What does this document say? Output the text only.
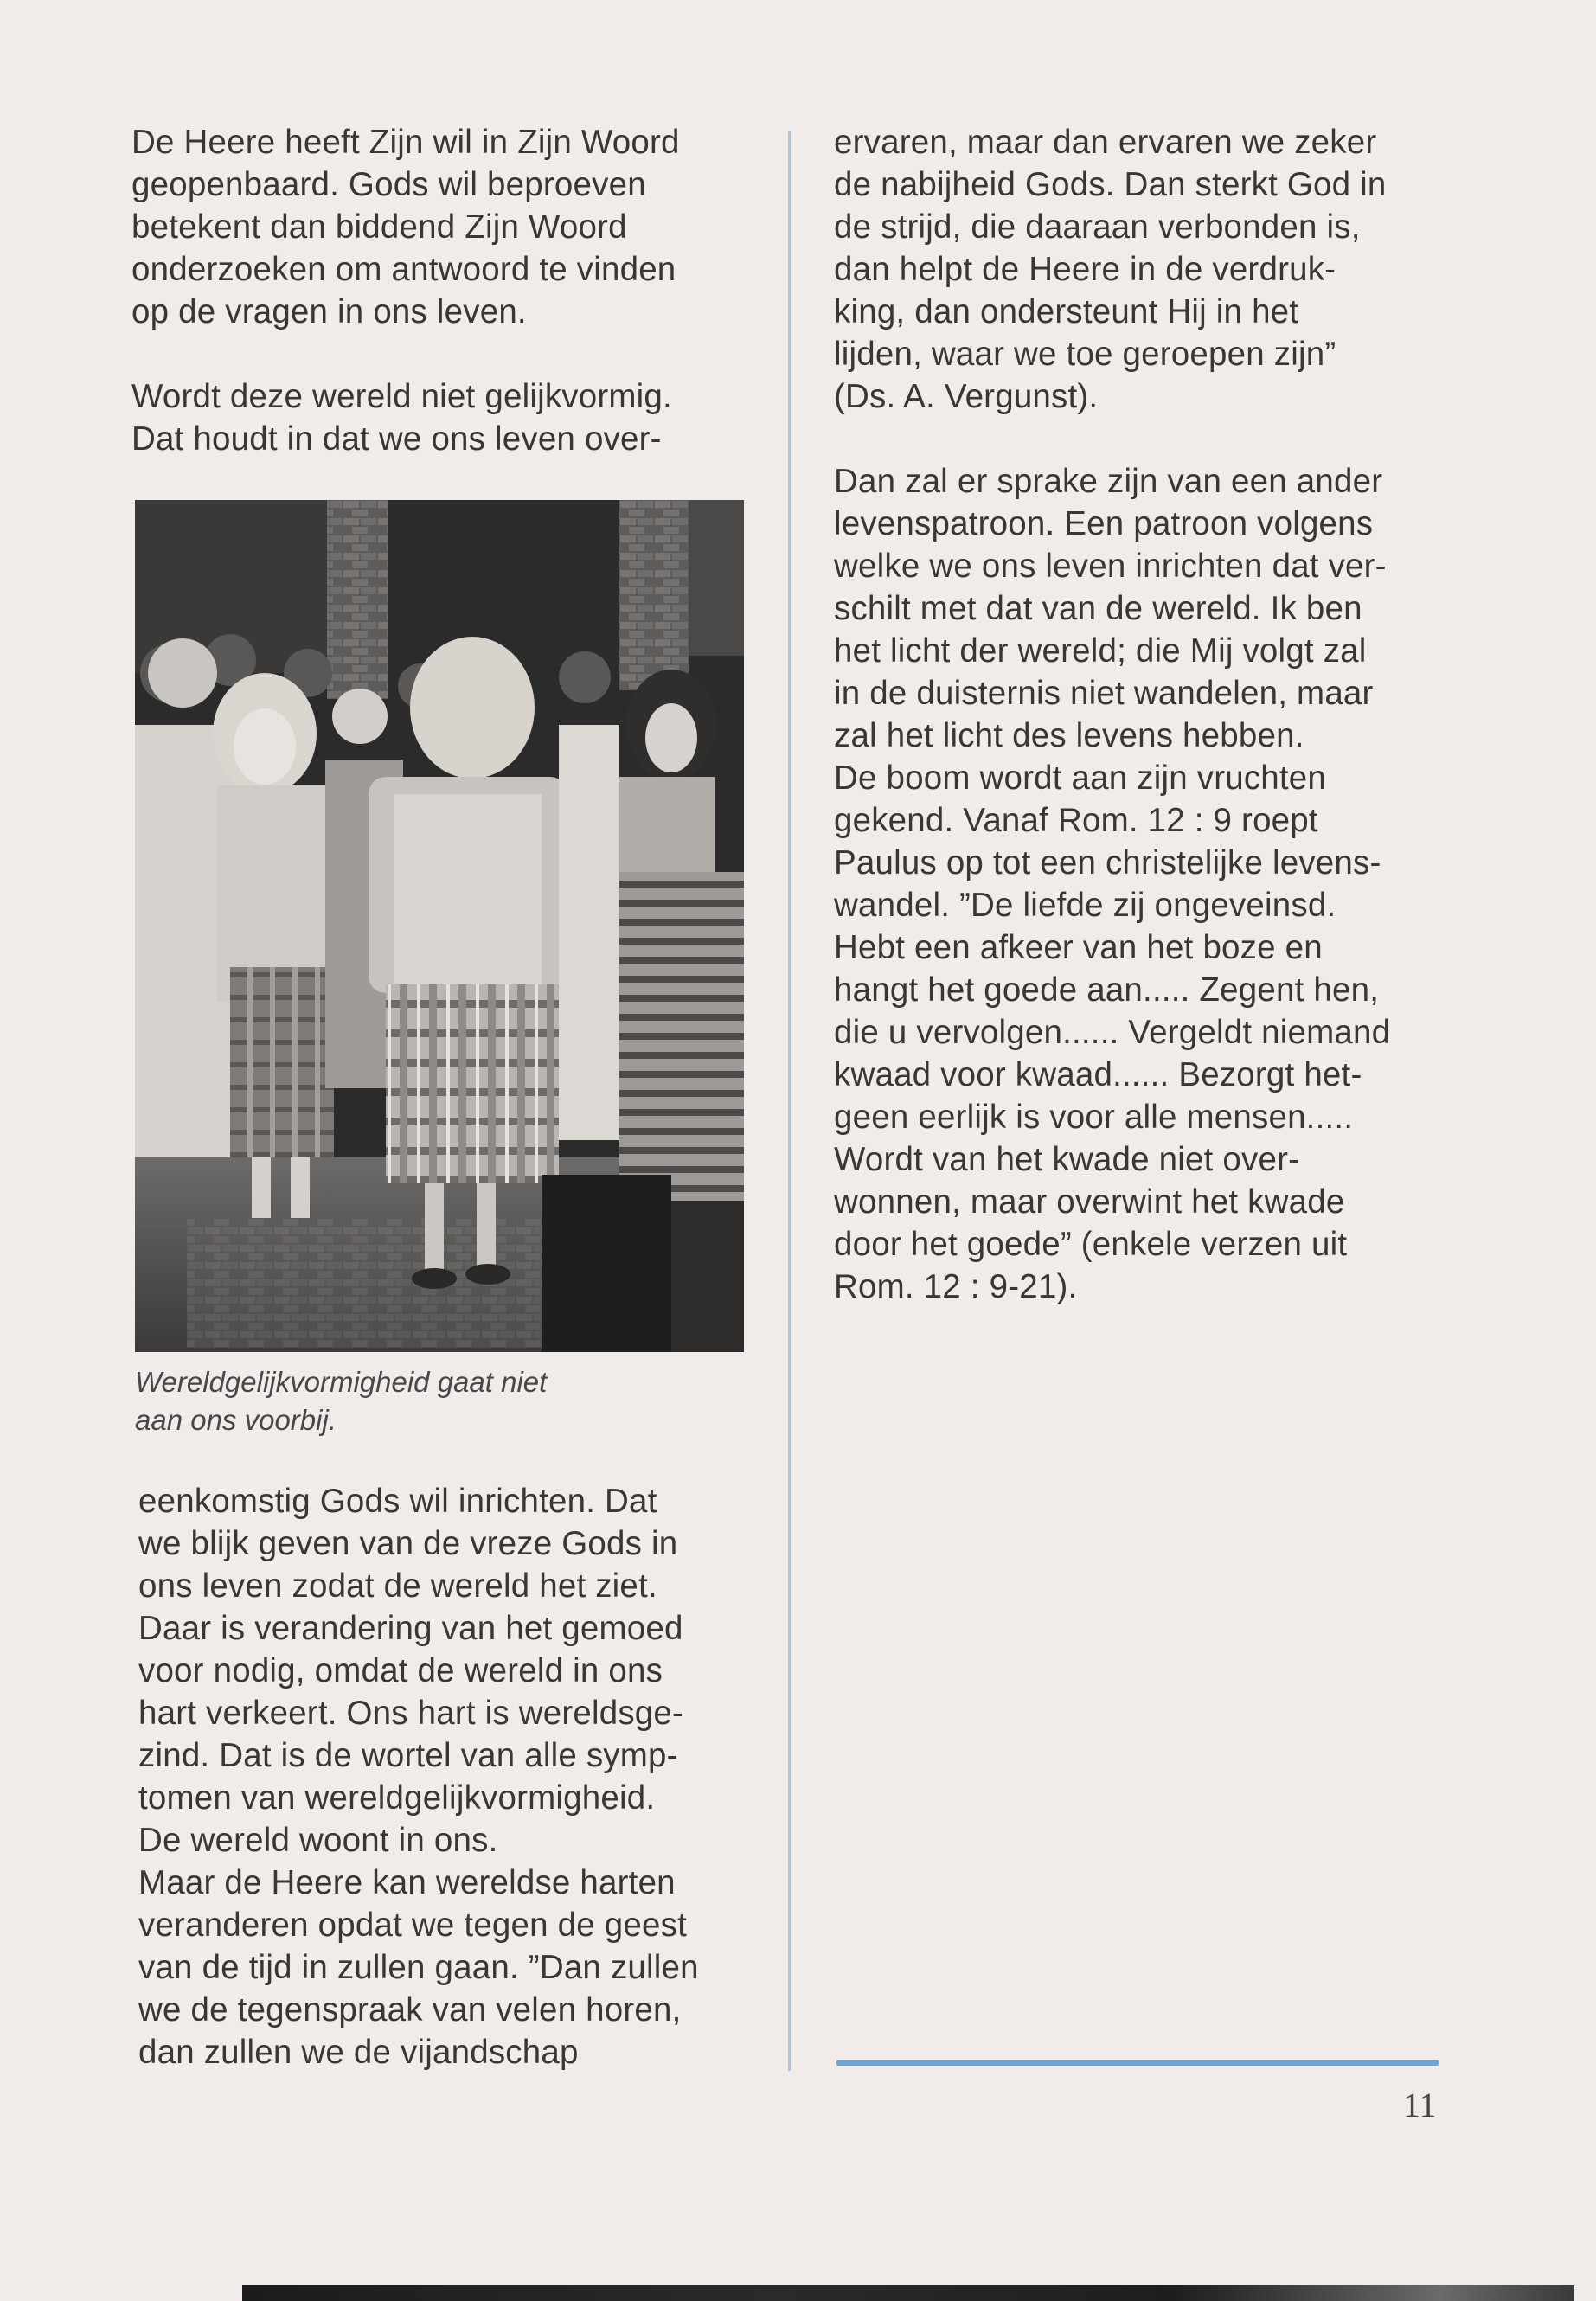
De Heere heeft Zijn wil in Zijn Woord
geopenbaard. Gods wil beproeven
betekent dan biddend Zijn Woord
onderzoeken om antwoord te vinden
op de vragen in ons leven.

Wordt deze wereld niet gelijkvormig.
Dat houdt in dat we ons leven over-
Wereldgelijkvormigheid gaat niet
aan ons voorbij.
eenkomstig Gods wil inrichten. Dat
we blijk geven van de vreze Gods in
ons leven zodat de wereld het ziet.
Daar is verandering van het gemoed
voor nodig, omdat de wereld in ons
hart verkeert. Ons hart is wereldsge-
zind. Dat is de wortel van alle symp-
tomen van wereldgelijkvormigheid.
De wereld woont in ons.
Maar de Heere kan wereldse harten
veranderen opdat we tegen de geest
van de tijd in zullen gaan. ”Dan zullen
we de tegenspraak van velen horen,
dan zullen we de vijandschap
ervaren, maar dan ervaren we zeker
de nabijheid Gods. Dan sterkt God in
de strijd, die daaraan verbonden is,
dan helpt de Heere in de verdruk-
king, dan ondersteunt Hij in het
lijden, waar we toe geroepen zijn”
(Ds. A. Vergunst).

Dan zal er sprake zijn van een ander
levenspatroon. Een patroon volgens
welke we ons leven inrichten dat ver-
schilt met dat van de wereld. Ik ben
het licht der wereld; die Mij volgt zal
in de duisternis niet wandelen, maar
zal het licht des levens hebben.
De boom wordt aan zijn vruchten
gekend. Vanaf Rom. 12 : 9 roept
Paulus op tot een christelijke levens-
wandel. ”De liefde zij ongeveinsd.
Hebt een afkeer van het boze en
hangt het goede aan..... Zegent hen,
die u vervolgen...... Vergeldt niemand
kwaad voor kwaad...... Bezorgt het-
geen eerlijk is voor alle mensen.....
Wordt van het kwade niet over-
wonnen, maar overwint het kwade
door het goede” (enkele verzen uit
Rom. 12 : 9-21).
11
